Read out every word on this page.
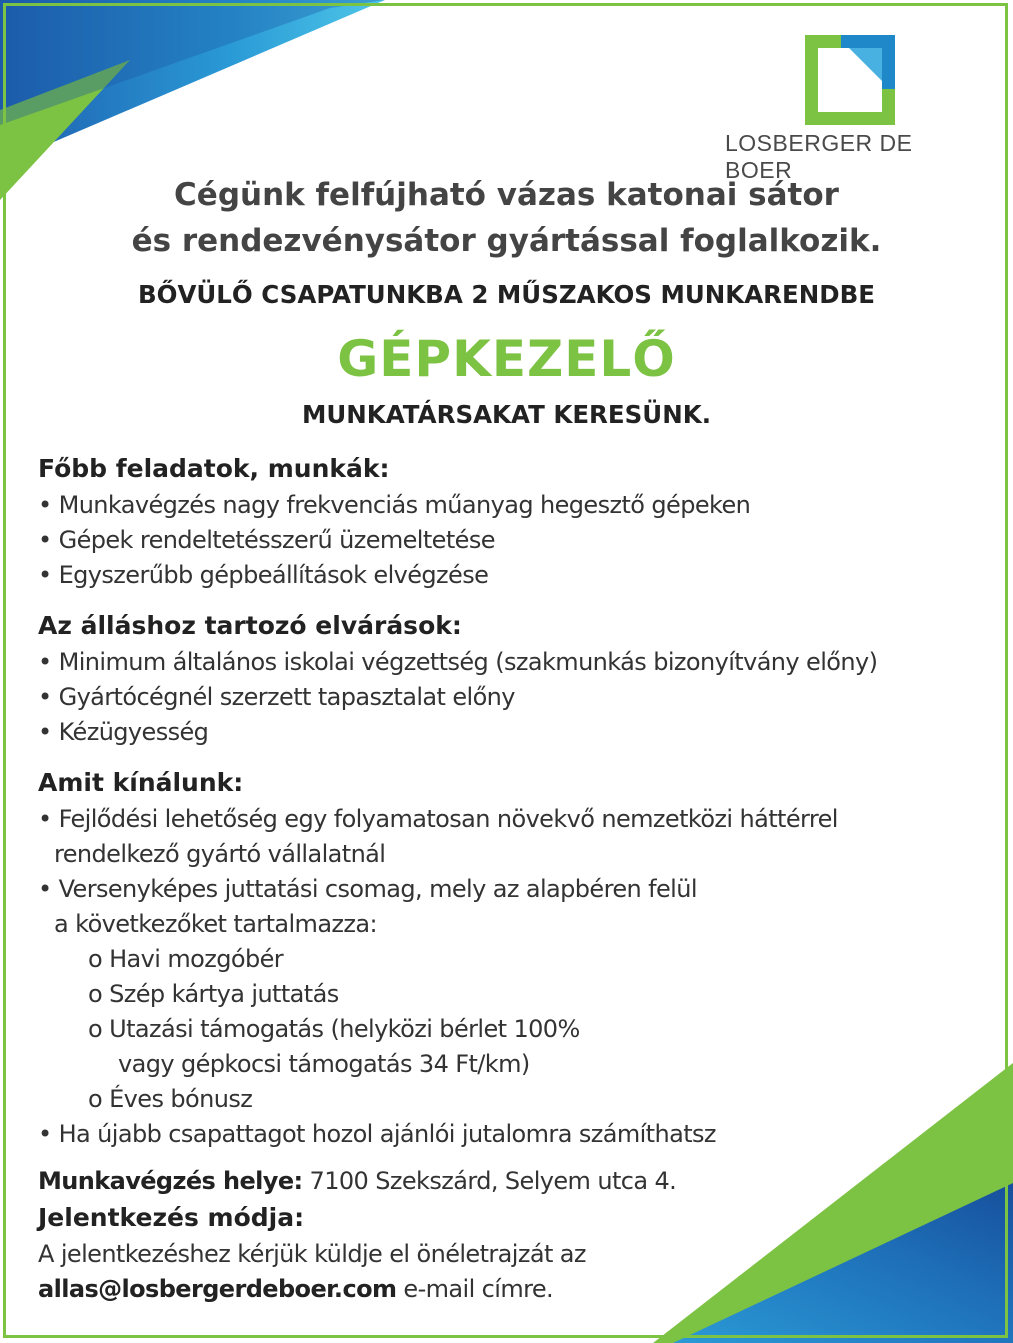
LOSBERGER DE BOER
Cégünk felfújható vázas katonai sátor
és rendezvénysátor gyártással foglalkozik.
BŐVÜLŐ CSAPATUNKBA 2 MŰSZAKOS MUNKARENDBE
GÉPKEZELŐ
MUNKATÁRSAKAT KERESÜNK.

Főbb feladatok, munkák:

• Munkavégzés nagy frekvenciás műanyag hegesztő gépeken

• Gépek rendeltetésszerű üzemeltetése

• Egyszerűbb gépbeállítások elvégzése

Az álláshoz tartozó elvárások:

• Minimum általános iskolai végzettség (szakmunkás bizonyítvány előny)

• Gyártócégnél szerzett tapasztalat előny

• Kézügyesség

Amit kínálunk:

• Fejlődési lehetőség egy folyamatosan növekvő nemzetközi háttérrel

rendelkező gyártó vállalatnál

• Versenyképes juttatási csomag, mely az alapbéren felül

a következőket tartalmazza:

o Havi mozgóbér

o Szép kártya juttatás

o Utazási támogatás (helyközi bérlet 100%

vagy gépkocsi támogatás 34 Ft/km)

o Éves bónusz

• Ha újabb csapattagot hozol ajánlói jutalomra számíthatsz

Munkavégzés helye: 7100 Szekszárd, Selyem utca 4.

Jelentkezés módja:

A jelentkezéshez kérjük küldje el önéletrajzát az

allas@losbergerdeboer.com e-mail címre.
